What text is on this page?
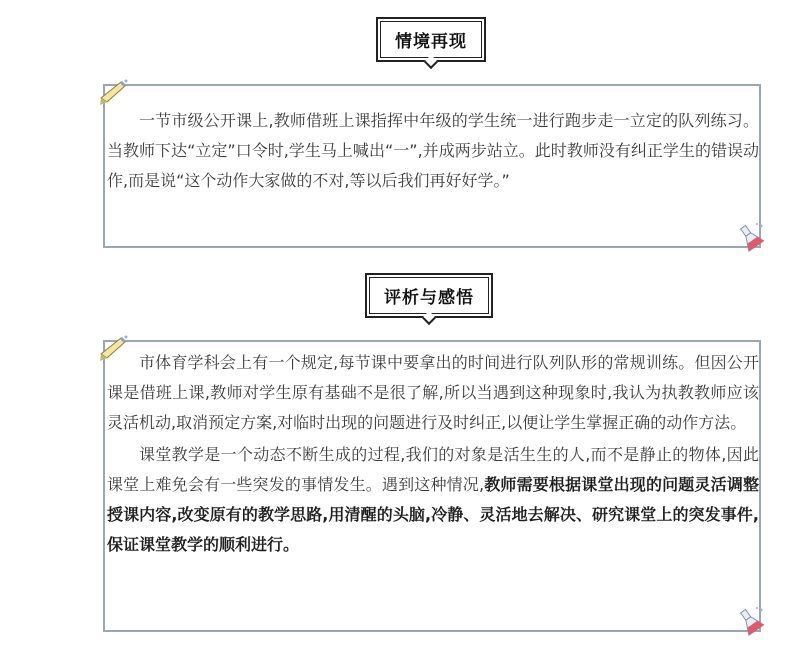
情境再现

一节市级公开课上,教师借班上课指挥中年级的学生统一进行跑步走一立定的队列练习。当教师下达“立定”口令时,学生马上喊出“一”,并成两步站立。此时教师没有纠正学生的错误动作,而是说“这个动作大家做的不对,等以后我们再好好学。”

评析与感悟

市体育学科会上有一个规定,每节课中要拿出的时间进行队列队形的常规训练。但因公开课是借班上课,教师对学生原有基础不是很了解,所以当遇到这种现象时,我认为执教教师应该灵活机动,取消预定方案,对临时出现的问题进行及时纠正,以便让学生掌握正确的动作方法。

课堂教学是一个动态不断生成的过程,我们的对象是活生生的人,而不是静止的物体,因此课堂上难免会有一些突发的事情发生。遇到这种情况,教师需要根据课堂出现的问题灵活调整授课内容,改变原有的教学思路,用清醒的头脑,冷静、灵活地去解决、研究课堂上的突发事件,保证课堂教学的顺利进行。
